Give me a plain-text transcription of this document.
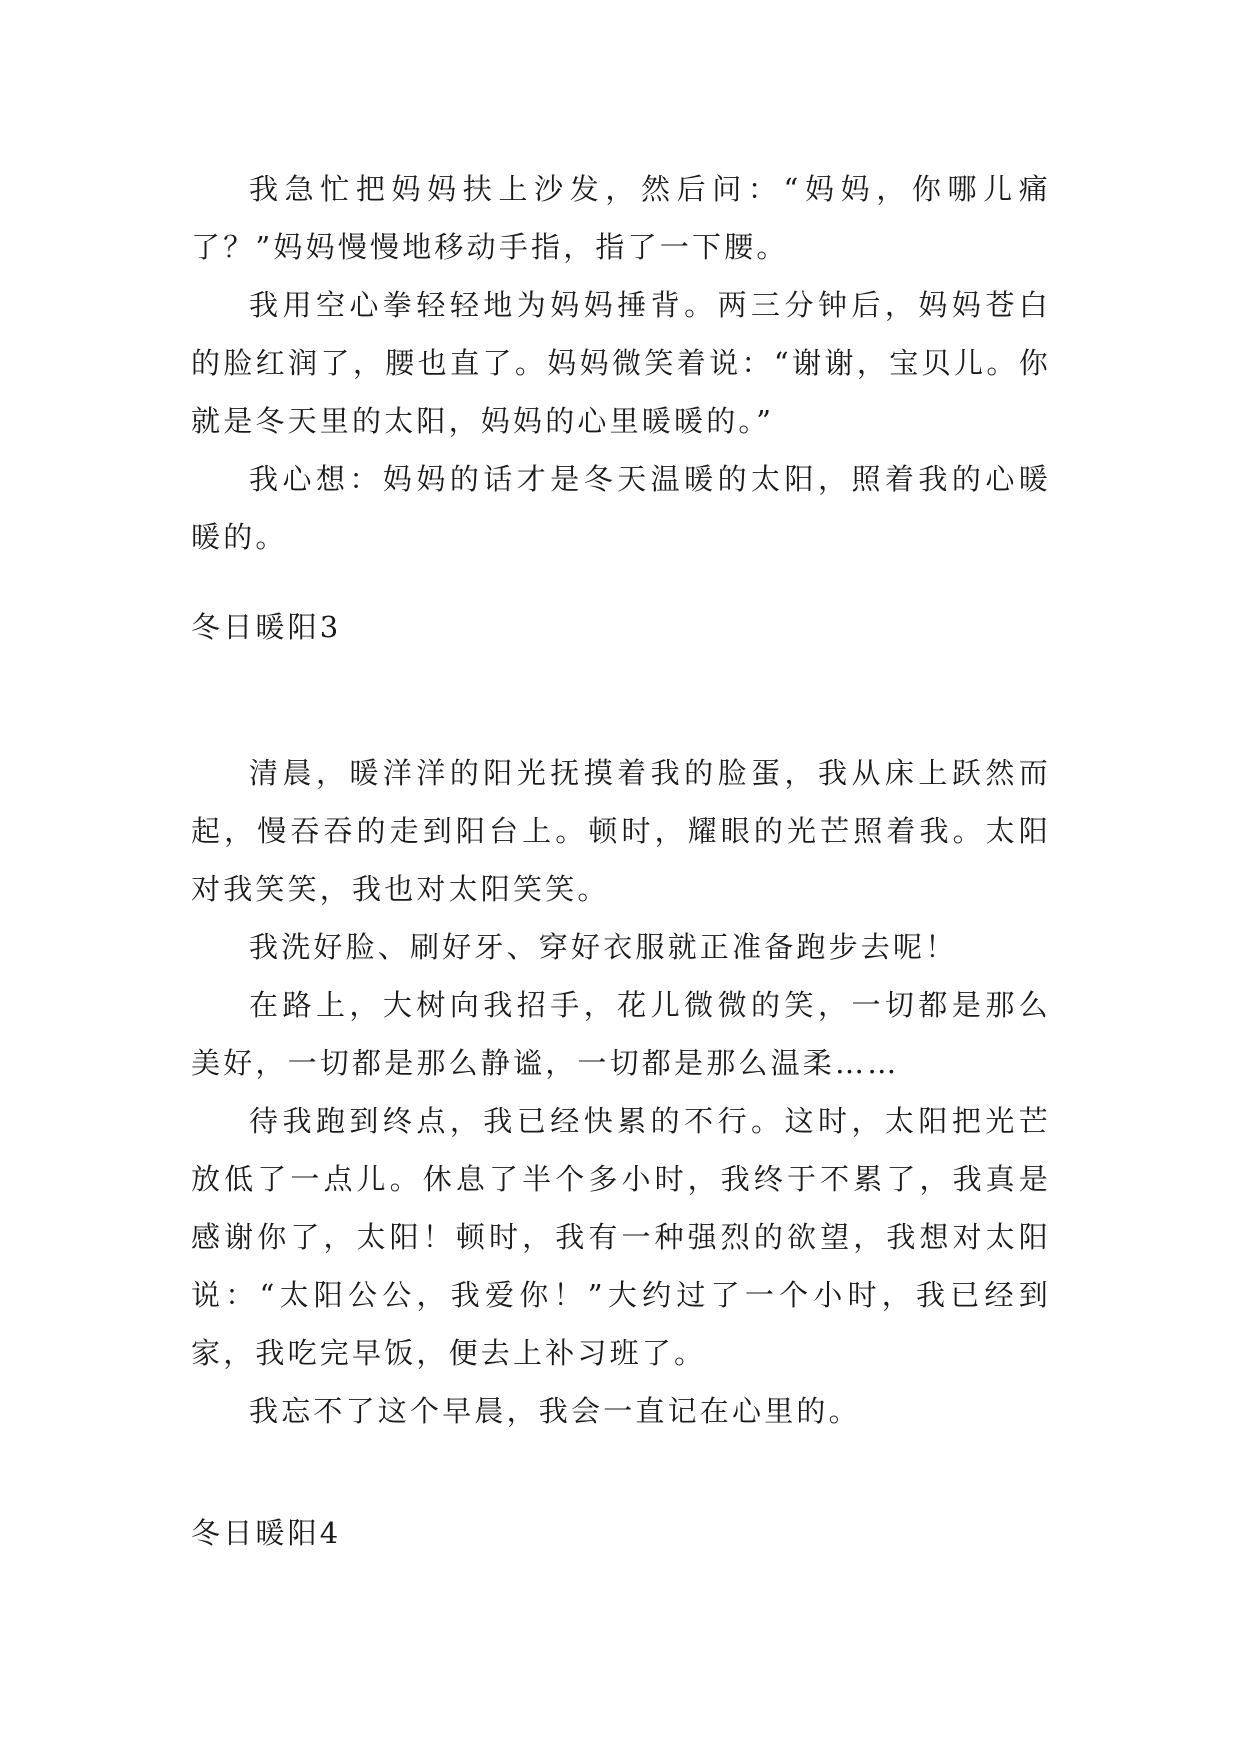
我急忙把妈妈扶上沙发，然后问：“妈妈，你哪儿痛了？”妈妈慢慢地移动手指，指了一下腰。

我用空心拳轻轻地为妈妈捶背。两三分钟后，妈妈苍白的脸红润了，腰也直了。妈妈微笑着说：“谢谢，宝贝儿。你就是冬天里的太阳，妈妈的心里暖暖的。”

我心想：妈妈的话才是冬天温暖的太阳，照着我的心暖暖的。

冬日暖阳3

清晨，暖洋洋的阳光抚摸着我的脸蛋，我从床上跃然而起，慢吞吞的走到阳台上。顿时，耀眼的光芒照着我。太阳对我笑笑，我也对太阳笑笑。

我洗好脸、刷好牙、穿好衣服就正准备跑步去呢！

在路上，大树向我招手，花儿微微的笑，一切都是那么美好，一切都是那么静谧，一切都是那么温柔……

待我跑到终点，我已经快累的不行。这时，太阳把光芒放低了一点儿。休息了半个多小时，我终于不累了，我真是感谢你了，太阳！顿时，我有一种强烈的欲望，我想对太阳说：“太阳公公，我爱你！”大约过了一个小时，我已经到家，我吃完早饭，便去上补习班了。

我忘不了这个早晨，我会一直记在心里的。

冬日暖阳4
